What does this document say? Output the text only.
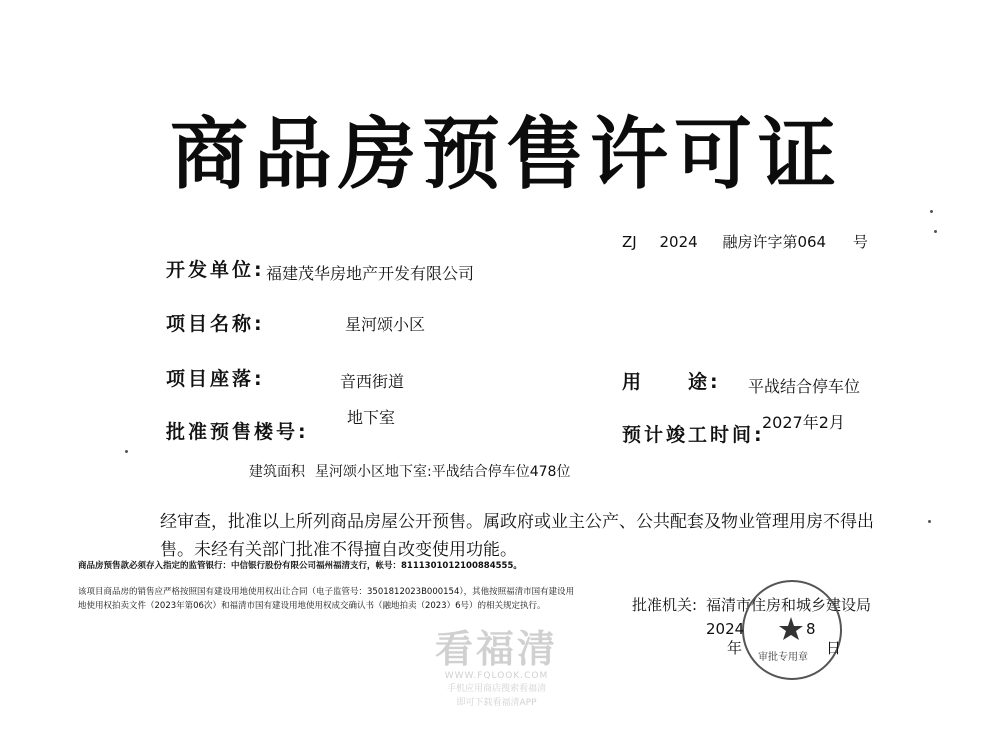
商品房预售许可证
ZJ 2024 融房许字第064 号
开发单位: 福建茂华房地产开发有限公司
项目名称:	星河颂小区
项目座落:	音西街道	用　　途: 平战结合停车位
批准预售楼号:
地下室
预计竣工时间:
2027年2月
建筑面积 星河颂小区地下室:平战结合停车位478位
经审查，批准以上所列商品房屋公开预售。属政府或业主公产、公共配套及物业管理用房不得出售。未经有关部门批准不得擅自改变使用功能。
商品房预售款必须存入指定的监管银行：中信银行股份有限公司福州福清支行，帐号：8111301012100884555。
该项目商品房的销售应严格按照国有建设用地使用权出让合同（电子监管号：3501812023B000154），其他按照福清市国有建设用
地使用权拍卖文件（2023年第06次）和福清市国有建设用地使用权成交确认书（融地拍卖（2023）6号）的相关规定执行。	批准机关: 福清市住房和城乡建设局
审批专用章
2024	8
年	日
看福清
WWW.FQLOOK.COM
手机应用商店搜索看福清
即可下载看福清APP
